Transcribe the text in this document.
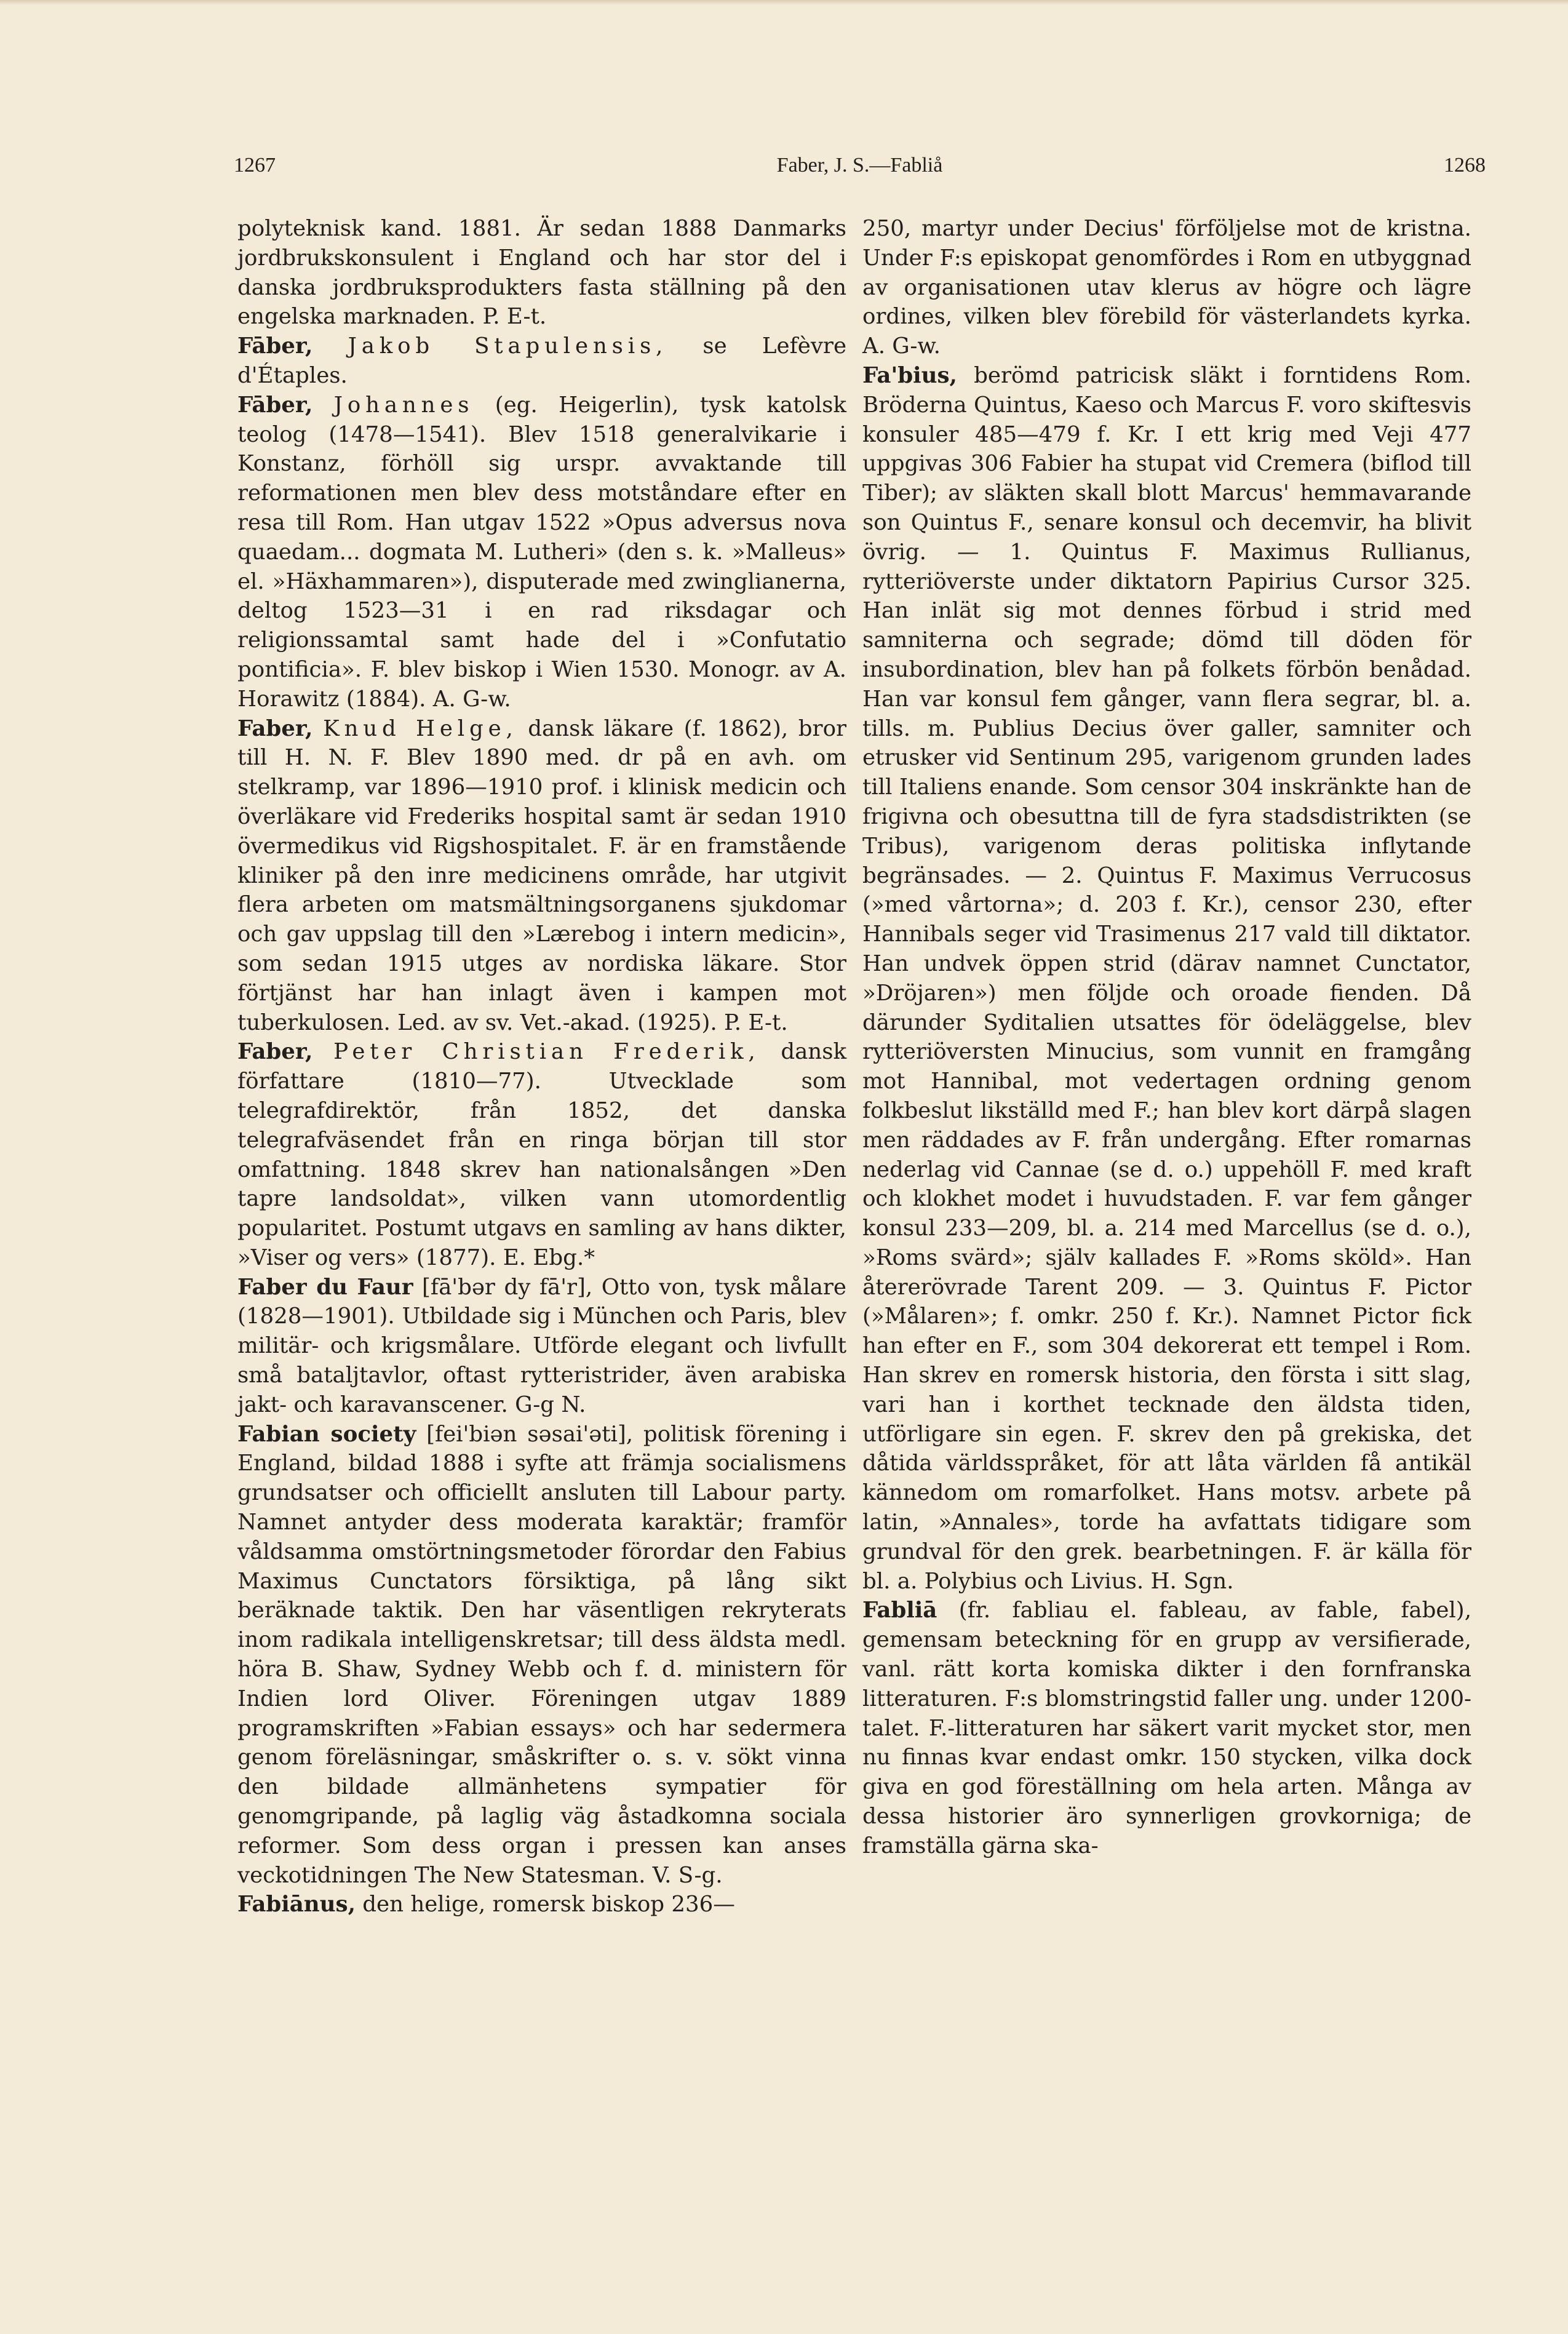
1267	Faber, J. S.—Fabliå	1268

polyteknisk kand. 1881. Är sedan 1888 Danmarks jordbrukskonsulent i England och har stor del i danska jordbruksprodukters fasta ställning på den engelska marknaden. P. E-t.

Fāber, Jakob Stapulensis, se Lefèvre d'Étaples.

Fāber, Johannes (eg. Heigerlin), tysk katolsk teolog (1478—1541). Blev 1518 generalvikarie i Konstanz, förhöll sig urspr. avvaktande till reformationen men blev dess motståndare efter en resa till Rom. Han utgav 1522 »Opus adversus nova quaedam... dogmata M. Lutheri» (den s. k. »Malleus» el. »Häxhammaren»), disputerade med zwinglianerna, deltog 1523—31 i en rad riksdagar och religionssamtal samt hade del i »Confutatio pontificia». F. blev biskop i Wien 1530. Monogr. av A. Horawitz (1884). A. G-w.

Faber, Knud Helge, dansk läkare (f. 1862), bror till H. N. F. Blev 1890 med. dr på en avh. om stelkramp, var 1896—1910 prof. i klinisk medicin och överläkare vid Frederiks hospital samt är sedan 1910 övermedikus vid Rigshospitalet. F. är en framstående kliniker på den inre medicinens område, har utgivit flera arbeten om matsmältningsorganens sjukdomar och gav uppslag till den »Lærebog i intern medicin», som sedan 1915 utges av nordiska läkare. Stor förtjänst har han inlagt även i kampen mot tuberkulosen. Led. av sv. Vet.-akad. (1925). P. E-t.

Faber, Peter Christian Frederik, dansk författare (1810—77). Utvecklade som telegrafdirektör, från 1852, det danska telegrafväsendet från en ringa början till stor omfattning. 1848 skrev han nationalsången »Den tapre landsoldat», vilken vann utomordentlig popularitet. Postumt utgavs en samling av hans dikter, »Viser og vers» (1877). E. Ebg.*

Faber du Faur [fā'bər dy fā'r], Otto von, tysk målare (1828—1901). Utbildade sig i München och Paris, blev militär- och krigsmålare. Utförde elegant och livfullt små bataljtavlor, oftast rytteristrider, även arabiska jakt- och karavanscener. G-g N.

Fabian society [fei'biən səsai'əti], politisk förening i England, bildad 1888 i syfte att främja socialismens grundsatser och officiellt ansluten till Labour party. Namnet antyder dess moderata karaktär; framför våldsamma omstörtningsmetoder förordar den Fabius Maximus Cunctators försiktiga, på lång sikt beräknade taktik. Den har väsentligen rekryterats inom radikala intelligenskretsar; till dess äldsta medl. höra B. Shaw, Sydney Webb och f. d. ministern för Indien lord Oliver. Föreningen utgav 1889 programskriften »Fabian essays» och har sedermera genom föreläsningar, småskrifter o. s. v. sökt vinna den bildade allmänhetens sympatier för genomgripande, på laglig väg åstadkomna sociala reformer. Som dess organ i pressen kan anses veckotidningen The New Statesman. V. S-g.

Fabiānus, den helige, romersk biskop 236—

250, martyr under Decius' förföljelse mot de kristna. Under F:s episkopat genomfördes i Rom en utbyggnad av organisationen utav klerus av högre och lägre ordines, vilken blev förebild för västerlandets kyrka. A. G-w.

Fa'bius, berömd patricisk släkt i forntidens Rom. Bröderna Quintus, Kaeso och Marcus F. voro skiftesvis konsuler 485—479 f. Kr. I ett krig med Veji 477 uppgivas 306 Fabier ha stupat vid Cremera (biflod till Tiber); av släkten skall blott Marcus' hemmavarande son Quintus F., senare konsul och decemvir, ha blivit övrig. — 1. Quintus F. Maximus Rullianus, rytteriöverste under diktatorn Papirius Cursor 325. Han inlät sig mot dennes förbud i strid med samniterna och segrade; dömd till döden för insubordination, blev han på folkets förbön benådad. Han var konsul fem gånger, vann flera segrar, bl. a. tills. m. Publius Decius över galler, samniter och etrusker vid Sentinum 295, varigenom grunden lades till Italiens enande. Som censor 304 inskränkte han de frigivna och obesuttna till de fyra stadsdistrikten (se Tribus), varigenom deras politiska inflytande begränsades. — 2. Quintus F. Maximus Verrucosus (»med vårtorna»; d. 203 f. Kr.), censor 230, efter Hannibals seger vid Trasimenus 217 vald till diktator. Han undvek öppen strid (därav namnet Cunctator, »Dröjaren») men följde och oroade fienden. Då därunder Syditalien utsattes för ödeläggelse, blev rytteriöversten Minucius, som vunnit en framgång mot Hannibal, mot vedertagen ordning genom folkbeslut likställd med F.; han blev kort därpå slagen men räddades av F. från undergång. Efter romarnas nederlag vid Cannae (se d. o.) uppehöll F. med kraft och klokhet modet i huvudstaden. F. var fem gånger konsul 233—209, bl. a. 214 med Marcellus (se d. o.), »Roms svärd»; själv kallades F. »Roms sköld». Han återerövrade Tarent 209. — 3. Quintus F. Pictor (»Målaren»; f. omkr. 250 f. Kr.). Namnet Pictor fick han efter en F., som 304 dekorerat ett tempel i Rom. Han skrev en romersk historia, den första i sitt slag, vari han i korthet tecknade den äldsta tiden, utförligare sin egen. F. skrev den på grekiska, det dåtida världsspråket, för att låta världen få antikäl kännedom om romarfolket. Hans motsv. arbete på latin, »Annales», torde ha avfattats tidigare som grundval för den grek. bearbetningen. F. är källa för bl. a. Polybius och Livius. H. Sgn.

Fabliā (fr. fabliau el. fableau, av fable, fabel), gemensam beteckning för en grupp av versifierade, vanl. rätt korta komiska dikter i den fornfranska litteraturen. F:s blomstringstid faller ung. under 1200-talet. F.-litteraturen har säkert varit mycket stor, men nu finnas kvar endast omkr. 150 stycken, vilka dock giva en god föreställning om hela arten. Många av dessa historier äro synnerligen grovkorniga; de framställa gärna ska-
